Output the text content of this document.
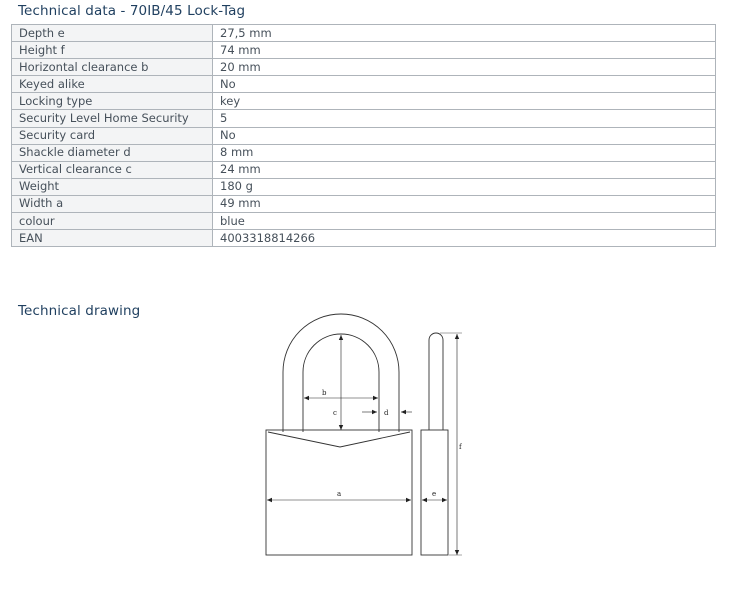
Technical data - 70IB/45 Lock-Tag
Depth e	27,5 mm
Height f	74 mm
Horizontal clearance b	20 mm
Keyed alike	No
Locking type	key
Security Level Home Security	5
Security card	No
Shackle diameter d	8 mm
Vertical clearance c	24 mm
Weight	180 g
Width a	49 mm
colour	blue
EAN	4003318814266
Technical drawing
b
c	d
a	e
f
